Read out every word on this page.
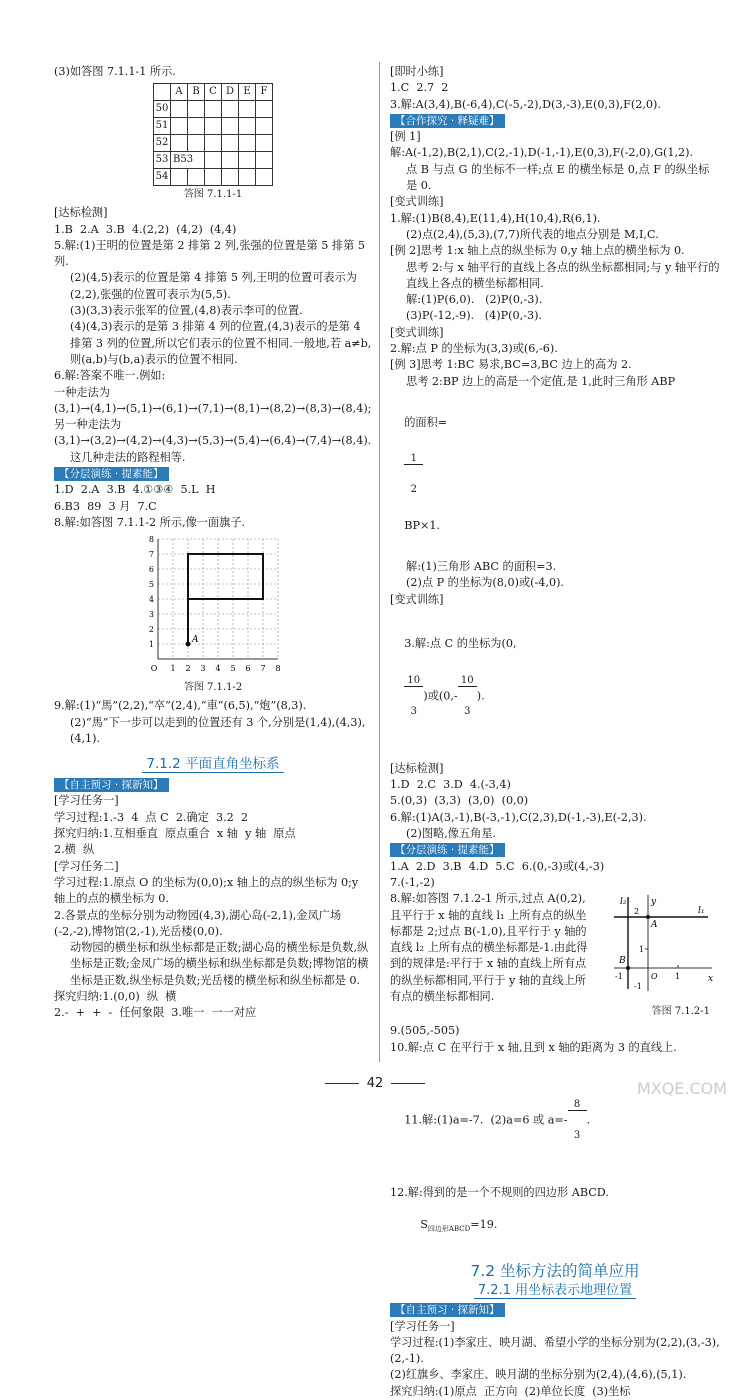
(3)如答图 7.1.1-1 所示.

	A	B	C	D	E	F
50						
51						
52						
53	B53					
54						

答图 7.1.1-1

[达标检测]

1.B  2.A  3.B  4.(2,2)  (4,2)  (4,4)

5.解:(1)王明的位置是第 2 排第 2 列,张强的位置是第 5 排第 5 列.

(2)(4,5)表示的位置是第 4 排第 5 列,王明的位置可表示为(2,2),张强的位置可表示为(5,5).

(3)(3,3)表示张军的位置,(4,8)表示李可的位置.

(4)(4,3)表示的是第 3 排第 4 列的位置,(4,3)表示的是第 4 排第 3 列的位置,所以它们表示的位置不相同.一般地,若 a≠b,则(a,b)与(b,a)表示的位置不相同.

6.解:答案不唯一.例如:

一种走法为(3,1)→(4,1)→(5,1)→(6,1)→(7,1)→(8,1)→(8,2)→(8,3)→(8,4);

另一种走法为(3,1)→(3,2)→(4,2)→(4,3)→(5,3)→(5,4)→(6,4)→(7,4)→(8,4).

这几种走法的路程相等.

【分层演练 · 提素能】

1.D  2.A  3.B  4.①③④  5.L  H

6.B3  89  3 月  7.C

8.解:如答图 7.1.1-2 所示,像一面旗子.

A
1
2
3
4
5
6
7
8
O 1 2 3 4 5 6 7 8

答图 7.1.1-2

9.解:(1)“馬”(2,2),“卒”(2,4),“車”(6,5),“炮”(8,3).

(2)“馬”下一步可以走到的位置还有 3 个,分别是(1,4),(4,3),(4,1).

7.1.2 平面直角坐标系
【自主预习 · 探新知】

[学习任务一]

学习过程:1.-3  4  点 C  2.确定  3.2  2

探究归纳:1.互相垂直  原点重合  x 轴  y 轴  原点

2.横  纵

[学习任务二]

学习过程:1.原点 O 的坐标为(0,0);x 轴上的点的纵坐标为 0;y 轴上的点的横坐标为 0.

2.各景点的坐标分别为动物园(4,3),湖心岛(-2,1),金凤广场(-2,-2),博物馆(2,-1),光岳楼(0,0).

动物园的横坐标和纵坐标都是正数;湖心岛的横坐标是负数,纵坐标是正数;金凤广场的横坐标和纵坐标都是负数;博物馆的横坐标是正数,纵坐标是负数;光岳楼的横坐标和纵坐标都是 0.

探究归纳:1.(0,0)  纵  横

2.-  +  +  -  任何象限  3.唯一  一一对应

[即时小练]

1.C  2.7  2

3.解:A(3,4),B(-6,4),C(-5,-2),D(3,-3),E(0,3),F(2,0).

【合作探究 · 释疑难】

[例 1]解:A(-1,2),B(2,1),C(2,-1),D(-1,-1),E(0,3),F(-2,0),G(1,2).

点 B 与点 G 的坐标不一样;点 E 的横坐标是 0,点 F 的纵坐标是 0.

[变式训练]

1.解:(1)B(8,4),E(11,4),H(10,4),R(6,1).

(2)点(2,4),(5,3),(7,7)所代表的地点分别是 M,I,C.

[例 2]思考 1:x 轴上点的纵坐标为 0,y 轴上点的横坐标为 0.

思考 2:与 x 轴平行的直线上各点的纵坐标都相同;与 y 轴平行的直线上各点的横坐标都相同.

解:(1)P(6,0).   (2)P(0,-3).

(3)P(-12,-9).   (4)P(0,-3).

[变式训练]

2.解:点 P 的坐标为(3,3)或(6,-6).

[例 3]思考 1:BC 易求,BC=3,BC 边上的高为 2.

思考 2:BP 边上的高是一个定值,是 1,此时三角形 ABP

的面积=

$\frac{1}{2}$

BP×1.

解:(1)三角形 ABC 的面积=3.

(2)点 P 的坐标为(8,0)或(-4,0).

[变式训练]

3.解:点 C 的坐标为(0,

$\frac{10}{3}$ )或(0,-
$\frac{10}{3}$ ).

[达标检测]

1.D  2.C  3.D  4.(-3,4)

5.(0,3)  (3,3)  (3,0)  (0,0)

6.解:(1)A(3,-1),B(-3,-1),C(2,3),D(-1,-3),E(-2,3).

(2)图略,像五角星.

【分层演练 · 提素能】

1.A  2.D  3.B  4.D  5.C  6.(0,-3)或(4,-3)

7.(-1,-2)

8.解:如答图 7.1.2-1 所示,过点 A(0,2),且平行于 x 轴的直线 l₁ 上所有点的纵坐标都是 2;过点 B(-1,0),且平行于 y 轴的直线 l₂ 上所有点的横坐标都是-1.由此得到的规律是:平行于 x 轴的直线上所有点的纵坐标都相同,平行于 y 轴的直线上所有点的横坐标都相同.

l₂	y
l₁
x
A
2
1
B
-1	O 1
-1

答图 7.1.2-1

9.(505,-505)

10.解:点 C 在平行于 x 轴,且到 x 轴的距离为 3 的直线上.

11.解:(1)a=-7.  (2)a=6 或 a=-
$\frac{8}{3}$ .

12.解:得到的是一个不规则的四边形 ABCD.

$S_{四边形ABCD}=19$.

7.2 坐标方法的简单应用
7.2.1 用坐标表示地理位置
【自主预习 · 探新知】

[学习任务一]

学习过程:(1)李家庄、映月湖、希望小学的坐标分别为(2,2),(3,-3),(2,-1).

(2)红旗乡、李家庄、映月湖的坐标分别为(2,4),(4,6),(5,1).

探究归纳:(1)原点  正方向  (2)单位长度  (3)坐标

42	MXQE.COM
